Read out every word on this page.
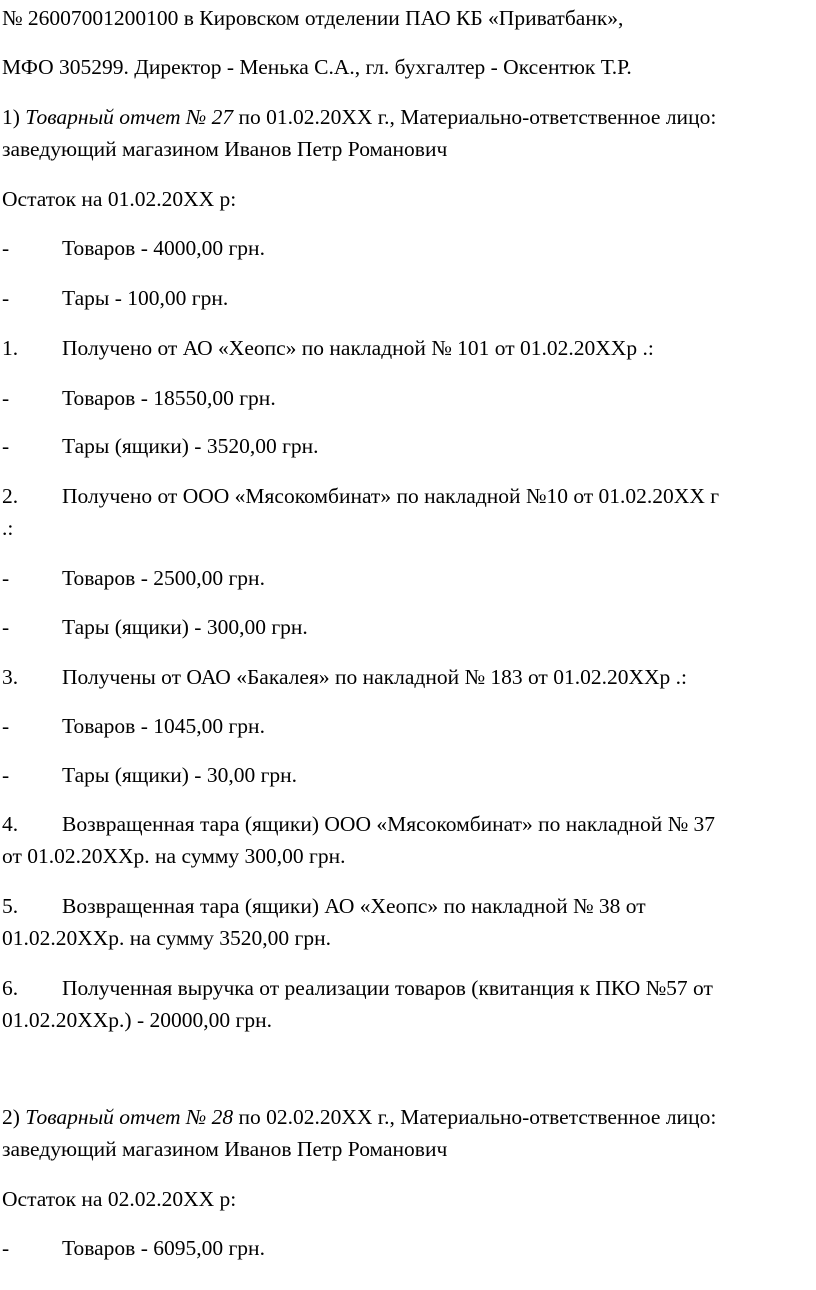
№ 26007001200100 в Кировском отделении ПАО КБ «Приватбанк»,
МФО 305299. Директор - Менька С.А., гл. бухгалтер - Оксентюк Т.Р.
1) Товарный отчет № 27 по 01.02.20ХХ г., Материально-ответственное лицо:
заведующий магазином Иванов Петр Романович
Остаток на 01.02.20ХХ р:
- Товаров - 4000,00 грн.
- Тары - 100,00 грн.
1. Получено от АО «Хеопс» по накладной № 101 от 01.02.20ХХр .:
- Товаров - 18550,00 грн.
- Тары (ящики) - 3520,00 грн.
2. Получено от ООО «Мясокомбинат» по накладной №10 от 01.02.20ХХ г
.:
- Товаров - 2500,00 грн.
- Тары (ящики) - 300,00 грн.
3. Получены от ОАО «Бакалея» по накладной № 183 от 01.02.20ХХр .:
- Товаров - 1045,00 грн.
- Тары (ящики) - 30,00 грн.
4. Возвращенная тара (ящики) ООО «Мясокомбинат» по накладной № 37
от 01.02.20ХХр. на сумму 300,00 грн.
5. Возвращенная тара (ящики) АО «Хеопс» по накладной № 38 от
01.02.20ХХр. на сумму 3520,00 грн.
6. Полученная выручка от реализации товаров (квитанция к ПКО №57 от
01.02.20ХХр.) - 20000,00 грн.
2) Товарный отчет № 28 по 02.02.20ХХ г., Материально-ответственное лицо:
заведующий магазином Иванов Петр Романович
Остаток на 02.02.20ХХ р:
- Товаров - 6095,00 грн.
